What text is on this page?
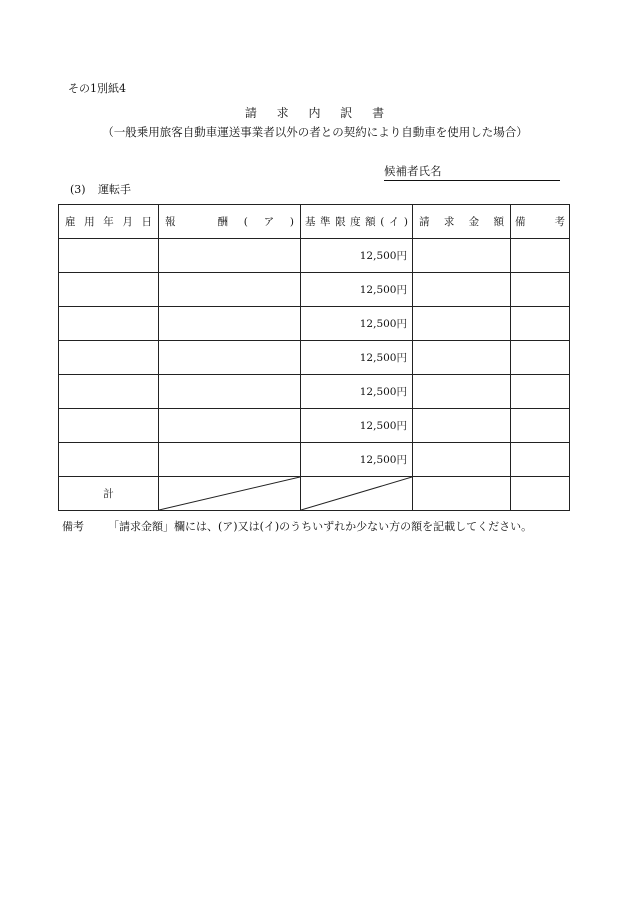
その1別紙4
請 求 内 訳 書
（一般乗用旅客自動車運送事業者以外の者との契約により自動車を使用した場合）
候補者氏名
(3) 運転手
雇用年月日	報　酬(ア)	基準限度額(イ)	請求金額	備　考
		12,500円		
		12,500円		
		12,500円		
		12,500円		
		12,500円		
		12,500円		
		12,500円		
計	

備考 「請求金額」欄には、(ア)又は(イ)のうちいずれか少ない方の額を記載してください。
